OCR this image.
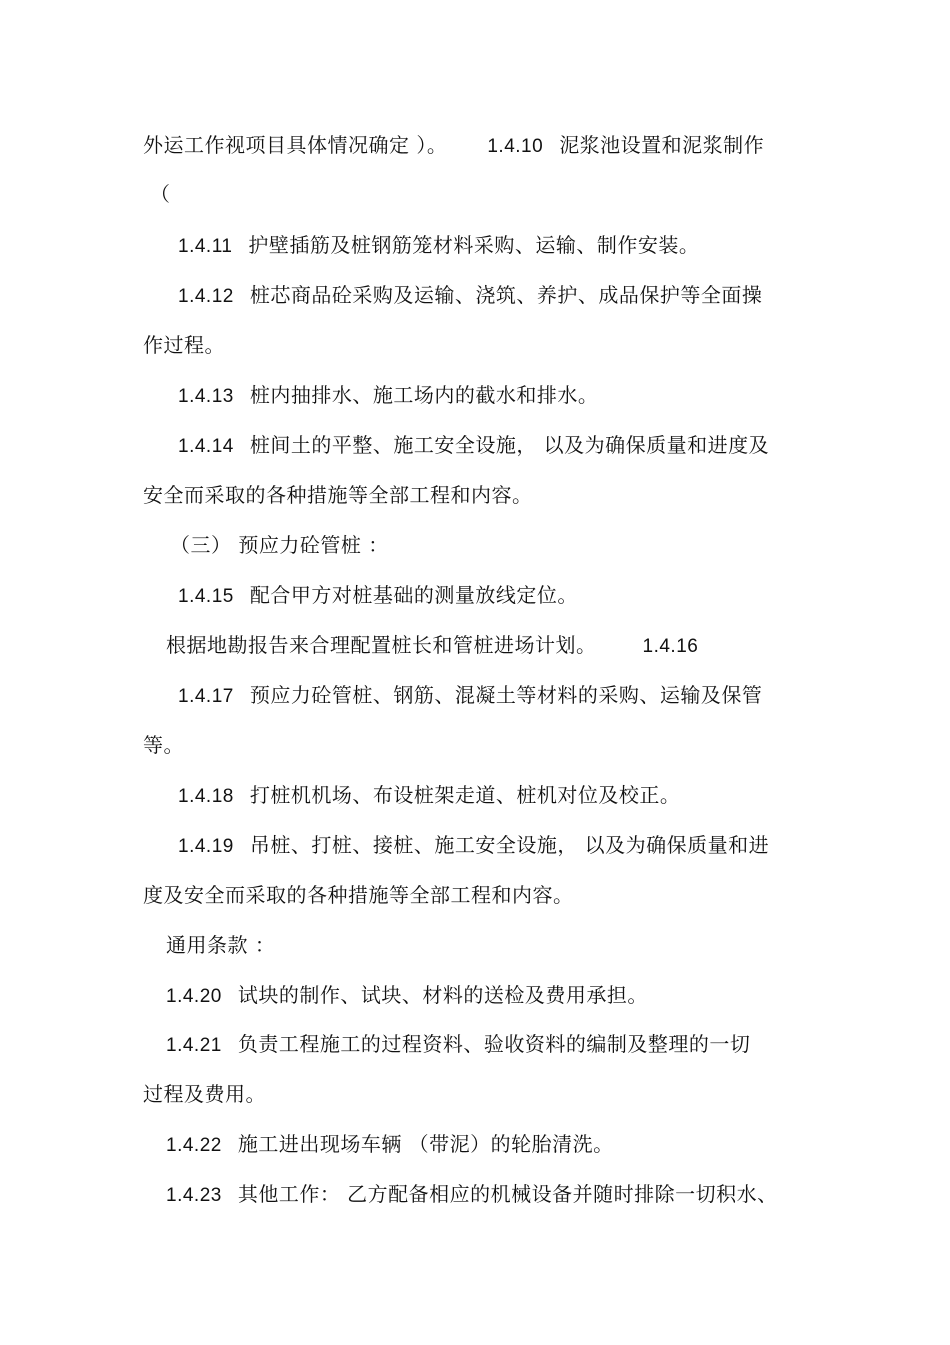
外运工作视项目具体情况确定 ）。 1.4.10 泥浆池设置和泥浆制作
（
1.4.11 护壁插筋及桩钢筋笼材料采购、运输、制作安装。
1.4.12 桩芯商品砼采购及运输、浇筑、养护、成品保护等全面操
作过程。
1.4.13 桩内抽排水、施工场内的截水和排水。
1.4.14 桩间土的平整、施工安全设施， 以及为确保质量和进度及
安全而采取的各种措施等全部工程和内容。
（三） 预应力砼管桩 ：
1.4.15 配合甲方对桩基础的测量放线定位。
根据地勘报告来合理配置桩长和管桩进场计划。 1.4.16
1.4.17 预应力砼管桩、钢筋、混凝土等材料的采购、运输及保管
等。
1.4.18 打桩机机场、布设桩架走道、桩机对位及校正。
1.4.19 吊桩、打桩、接桩、施工安全设施， 以及为确保质量和进
度及安全而采取的各种措施等全部工程和内容。
通用条款 ：
1.4.20 试块的制作、试块、材料的送检及费用承担。
1.4.21 负责工程施工的过程资料、验收资料的编制及整理的一切
过程及费用。
1.4.22 施工进出现场车辆 （带泥）的轮胎清洗。
1.4.23 其他工作： 乙方配备相应的机械设备并随时排除一切积水、
